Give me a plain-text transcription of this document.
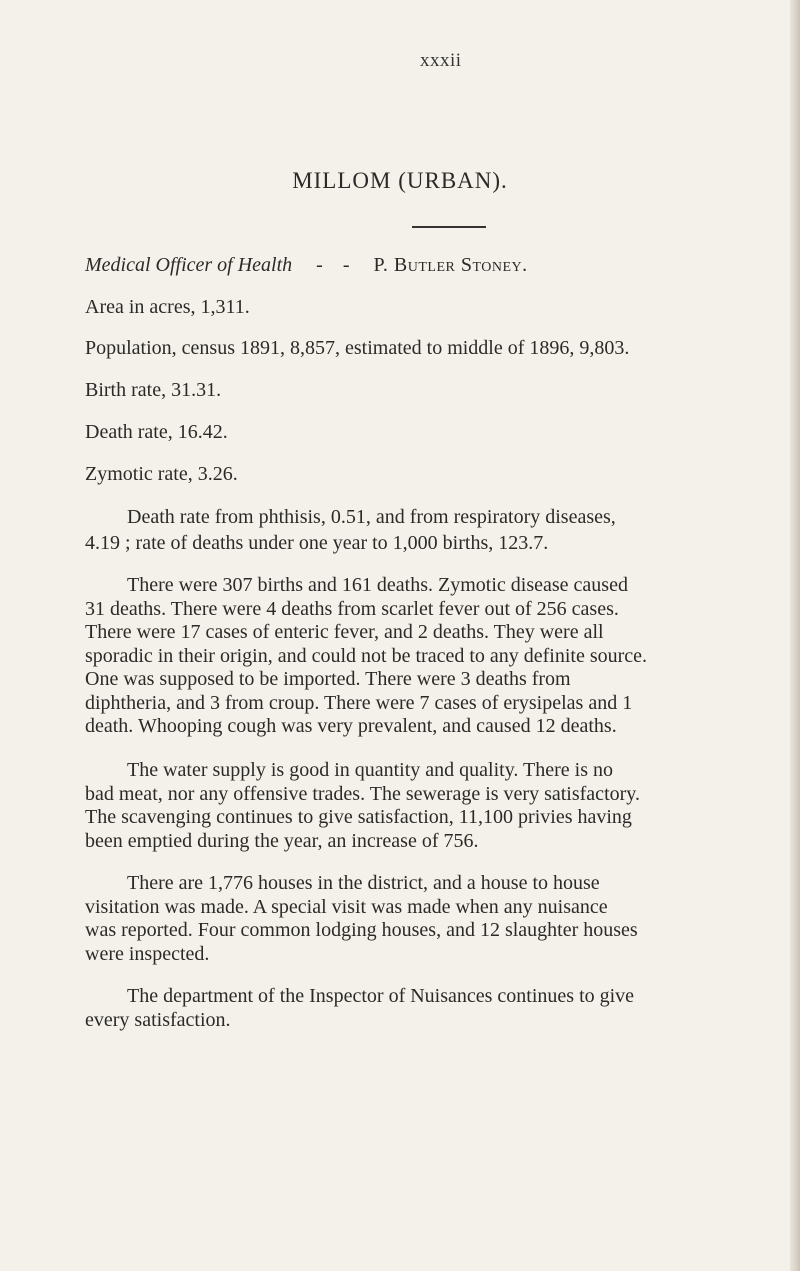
xxxii
MILLOM (URBAN).
Medical Officer of Health - - P. Butler Stoney.
Area in acres, 1,311.
Population, census 1891, 8,857, estimated to middle of 1896, 9,803.
Birth rate, 31.31.
Death rate, 16.42.
Zymotic rate, 3.26.
Death rate from phthisis, 0.51, and from respiratory diseases,
4.19 ; rate of deaths under one year to 1,000 births, 123.7.
There were 307 births and 161 deaths. Zymotic disease caused
31 deaths. There were 4 deaths from scarlet fever out of 256 cases.
There were 17 cases of enteric fever, and 2 deaths. They were all
sporadic in their origin, and could not be traced to any definite source.
One was supposed to be imported. There were 3 deaths from
diphtheria, and 3 from croup. There were 7 cases of erysipelas and 1
death. Whooping cough was very prevalent, and caused 12 deaths.
The water supply is good in quantity and quality. There is no
bad meat, nor any offensive trades. The sewerage is very satisfactory.
The scavenging continues to give satisfaction, 11,100 privies having
been emptied during the year, an increase of 756.
There are 1,776 houses in the district, and a house to house
visitation was made. A special visit was made when any nuisance
was reported. Four common lodging houses, and 12 slaughter houses
were inspected.
The department of the Inspector of Nuisances continues to give
every satisfaction.
